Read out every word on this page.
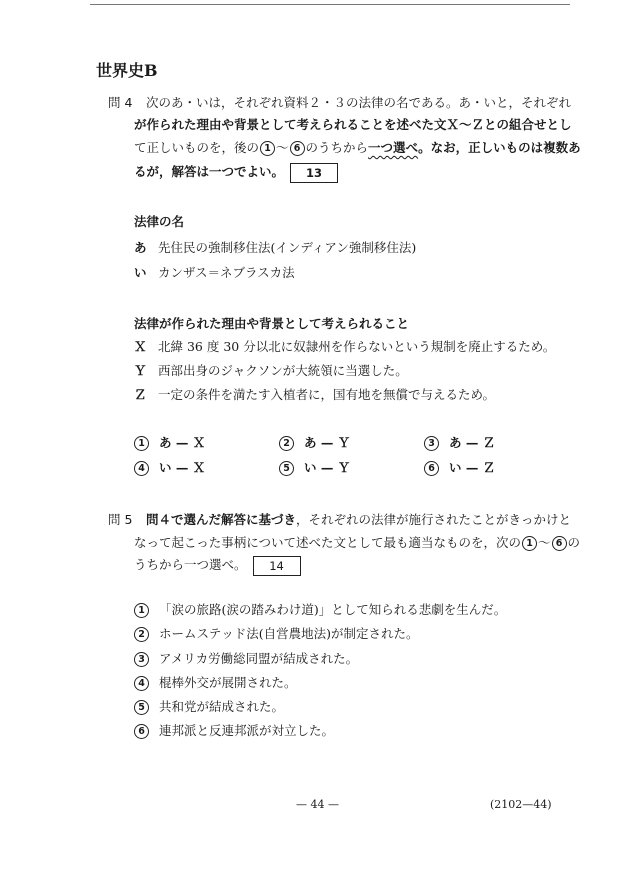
世界史B
問 4 次のあ・いは，それぞれ資料２・３の法律の名である。あ・いと，それぞれ
が作られた理由や背景として考えられることを述べた文Ｘ～Ｚとの組合せとし
て正しいものを，後の 1 ～ 6 のうちから一つ選べ。なお，正しいものは複数あ
るが，解答は一つでよい。 13
法律の名
あ 先住民の強制移住法(インディアン強制移住法)
い カンザス＝ネブラスカ法
法律が作られた理由や背景として考えられること
Ｘ 北緯 36 度 30 分以北に奴隷州を作らないという規制を廃止するため。
Ｙ 西部出身のジャクソンが大統領に当選した。
Ｚ 一定の条件を満たす入植者に，国有地を無償で与えるため。
1 あ — Ｘ	2 あ — Ｙ	3 あ — Ｚ
4 い — Ｘ	5 い — Ｙ	6 い — Ｚ
問 5 問４で選んだ解答に基づき，それぞれの法律が施行されたことがきっかけと
なって起こった事柄について述べた文として最も適当なものを，次の 1 ～ 6 の
うちから一つ選べ。 14
1 「涙の旅路(涙の踏みわけ道)」として知られる悲劇を生んだ。
2 ホームステッド法(自営農地法)が制定された。
3 アメリカ労働総同盟が結成された。
4 棍棒外交が展開された。
5 共和党が結成された。
6 連邦派と反連邦派が対立した。
— 44 —	(2102—44)
